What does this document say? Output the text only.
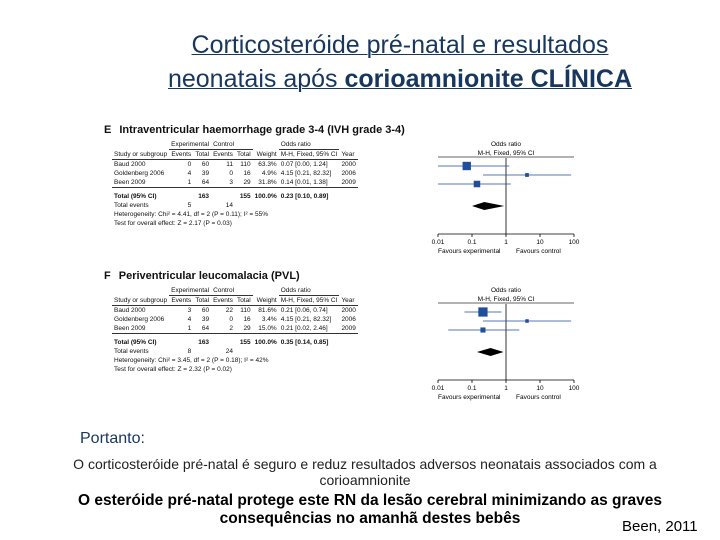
Corticosteróide pré-natal e resultados
neonatais após corioamnionite CLÍNICA
E Intraventricular haemorrhage grade 3-4 (IVH grade 3-4)
	Experimental		Control			Odds ratio	
Study or subgroup	Events	Total	Events	Total	Weight	M-H, Fixed, 95% CI	Year
Baud 2000	0	60	11	110	63.3%	0.07 [0.00, 1.24]	2000
Goldenberg 2006	4	39	0	16	4.9%	4.15 [0.21, 82.32]	2006
Been 2009	1	64	3	29	31.8%	0.14 [0.01, 1.38]	2009

Total (95% CI)		163		155	100.0%	0.23 [0.10, 0.89]	
Total events	5		14				
Heterogeneity: Chi² = 4.41, df = 2 (P = 0.11); I² = 55%							
Test for overall effect: Z = 2.17 (P = 0.03)							
Odds ratio
M-H, Fixed, 95% CI
0.01	0.1	1	10	100
Favours experimental Favours control
F Periventricular leucomalacia (PVL)
	Experimental		Control			Odds ratio	
Study or subgroup	Events	Total	Events	Total	Weight	M-H, Fixed, 95% CI	Year
Baud 2000	3	60	22	110	81.6%	0.21 [0.06, 0.74]	2000
Goldenberg 2006	4	39	0	16	3.4%	4.15 [0.21, 82.32]	2006
Been 2009	1	64	2	29	15.0%	0.21 [0.02, 2.46]	2009

Total (95% CI)		163		155	100.0%	0.35 [0.14, 0.85]	
Total events	8		24				
Heterogeneity: Chi² = 3.45, df = 2 (P = 0.18); I² = 42%							
Test for overall effect: Z = 2.32 (P = 0.02)							
Odds ratio
M-H, Fixed, 95% CI
0.01	0.1	1	10	100
Favours experimental Favours control
Portanto:
O corticosteróide pré-natal é seguro e reduz resultados adversos neonatais associados com a corioamnionite
O esteróide pré-natal protege este RN da lesão cerebral minimizando as graves consequências no amanhã destes bebês	Been, 2011
